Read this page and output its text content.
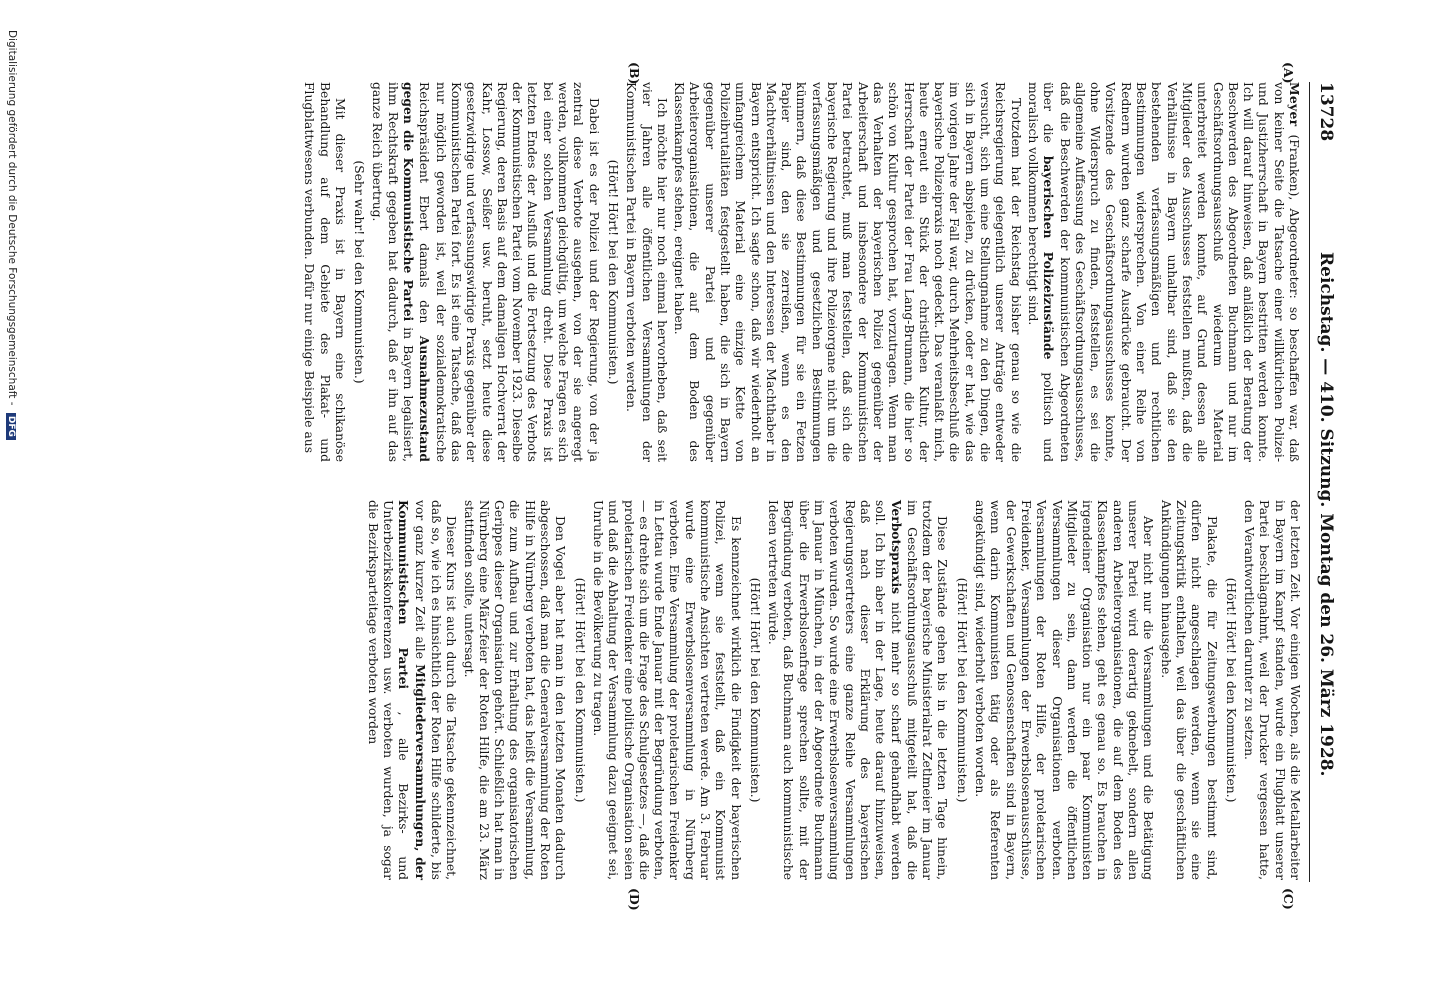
13728
Reichstag. — 410. Sitzung. Montag den 26. März 1928.
(A)
(B)
(C)
(D)

Meyer (Franken), Abgeordneter: so beschaffen war, daß von keiner Seite die Tatsache einer willkürlichen Polizei- und Justizherrschaft in Bayern bestritten werden konnte. Ich will darauf hinweisen, daß anläßlich der Beratung der Beschwerden des Abgeordneten Buchmann und nur im Geschäftsordnungsausschuß wiederum Material unterbreitet werden konnte, auf Grund dessen alle Mitglieder des Ausschusses feststellen mußten, daß die Verhältnisse in Bayern unhaltbar sind, daß sie den bestehenden verfassungsmäßigen und rechtlichen Bestimmungen widersprechen. Von einer Reihe von Rednern wurden ganz scharfe Ausdrücke gebraucht. Der Vorsitzende des Geschäftsordnungsausschusses konnte, ohne Widerspruch zu finden, feststellen, es sei die allgemeine Auffassung des Geschäftsordnungsausschusses, daß die Beschwerden der kommunistischen Abgeordneten über die bayerischen Polizeizustände politisch und moralisch vollkommen berechtigt sind.

Trotzdem hat der Reichstag bisher genau so wie die Reichsregierung gelegentlich unserer Anträge entweder versucht, sich um eine Stellungnahme zu den Dingen, die sich in Bayern abspielen, zu drücken, oder er hat, wie das im vorigen Jahre der Fall war, durch Mehrheitsbeschluß die bayerische Polizeipraxis noch gedeckt. Das veranlaßt mich, heute erneut ein Stück der christlichen Kultur, der Herrschaft der Partei der Frau Lang-Brumann, die hier so schön von Kultur gesprochen hat, vorzutragen. Wenn man das Verhalten der bayerischen Polizei gegenüber der Arbeiterschaft und insbesondere der Kommunistischen Partei betrachtet, muß man feststellen, daß sich die bayerische Regierung und ihre Polizeiorgane nicht um die verfassungsmäßigen und gesetzlichen Bestimmungen kümmern, daß diese Bestimmungen für sie ein Fetzen Papier sind, den sie zerreißen, wenn es den Machtverhältnissen und den Interessen der Machthaber in Bayern entspricht. Ich sagte schon, daß wir wiederholt an umfangreichem Material eine einzige Kette von Polizeibrutalitäten festgestellt haben, die sich in Bayern gegenüber unserer Partei und gegenüber Arbeiterorganisationen, die auf dem Boden des Klassenkampfes stehen, ereignet haben.

Ich möchte hier nur noch einmal hervorheben, daß seit vier Jahren alle öffentlichen Versammlungen der Kommunistischen Partei in Bayern verboten werden.

(Hört! Hört! bei den Kommunisten.)

Dabei ist es der Polizei und der Regierung, von der ja zentral diese Verbote ausgehen, von der sie angeregt werden, vollkommen gleichgültig, um welche Fragen es sich bei einer solchen Versammlung dreht. Diese Praxis ist letzten Endes der Ausfluß und die Fortsetzung des Verbots der Kommunistischen Partei vom November 1923. Dieselbe Regierung, deren Basis auf dem damaligen Hochverrat der Kahr, Lossow, Seißer usw. beruht, setzt heute diese gesetzwidrige und verfassungswidrige Praxis gegenüber der Kommunistischen Partei fort. Es ist eine Tatsache, daß das nur möglich geworden ist, weil der sozialdemokratische Reichspräsident Ebert damals den Ausnahmezustand gegen die Kommunistische Partei in Bayern legalisiert, ihm Rechtskraft gegeben hat dadurch, daß er ihn auf das ganze Reich übertrug.

(Sehr wahr! bei den Kommunisten.)

Mit dieser Praxis ist in Bayern eine schikanöse Behandlung auf dem Gebiete des Plakat- und Flugblattwesens verbunden. Dafür nur einige Beispiele aus

der letzten Zeit. Vor einigen Wochen, als die Metallarbeiter in Bayern im Kampf standen, wurde ein Flugblatt unserer Partei beschlagnahmt, weil der Drucker vergessen hatte, den Verantwortlichen darunter zu setzen.

(Hört! Hört! bei den Kommunisten.)

Plakate, die für Zeitungswerbungen bestimmt sind, dürfen nicht angeschlagen werden, wenn sie eine Zeitungskritik enthalten, weil das über die geschäftlichen Ankündigungen hinausgehe.

Aber nicht nur die Versammlungen und die Betätigung unserer Partei wird derartig geknebelt, sondern allen anderen Arbeiterorganisationen, die auf dem Boden des Klassenkampfes stehen, geht es genau so. Es brauchen in irgendeiner Organisation nur ein paar Kommunisten Mitglieder zu sein, dann werden die öffentlichen Versammlungen dieser Organisationen verboten. Versammlungen der Roten Hilfe, der proletarischen Freidenker, Versammlungen der Erwerbslosenausschüsse, der Gewerkschaften und Genossenschaften sind in Bayern, wenn darin Kommunisten tätig oder als Referenten angekündigt sind, wiederholt verboten worden.

(Hört! Hört! bei den Kommunisten.)

Diese Zustände gehen bis in die letzten Tage hinein, trotzdem der bayerische Ministerialrat Zetlmeier im Januar im Geschäftsordnungsausschuß mitgeteilt hat, daß die Verbotspraxis nicht mehr so scharf gehandhabt werden soll. Ich bin aber in der Lage, heute darauf hinzuweisen, daß nach dieser Erklärung des bayerischen Regierungsvertreters eine ganze Reihe Versammlungen verboten wurden. So wurde eine Erwerbslosenversammlung im Januar in München, in der der Abgeordnete Buchmann über die Erwerbslosenfrage sprechen sollte, mit der Begründung verboten, daß Buchmann auch kommunistische Ideen vertreten würde.

(Hört! Hört! bei den Kommunisten.)

Es kennzeichnet wirklich die Findigkeit der bayerischen Polizei, wenn sie feststellt, daß ein Kommunist kommunistische Ansichten vertreten werde. Am 3. Februar wurde eine Erwerbslosenversammlung in Nürnberg verboten. Eine Versammlung der proletarischen Freidenker in Lettau wurde Ende Januar mit der Begründung verboten, — es drehte sich um die Frage des Schulgesetzes —, daß die proletarischen Freidenker eine politische Organisation seien und daß die Abhaltung der Versammlung dazu geeignet sei, Unruhe in die Bevölkerung zu tragen.

(Hört! Hört! bei den Kommunisten.)

Den Vogel aber hat man in den letzten Monaten dadurch abgeschossen, daß man die Generalversammlung der Roten Hilfe in Nürnberg verboten hat, das heißt die Versammlung, die zum Aufbau und zur Erhaltung des organisatorischen Gerippes dieser Organisation gehört. Schließlich hat man in Nürnberg eine März-feier der Roten Hilfe, die am 23. März stattfinden sollte, untersagt.

Dieser Kurs ist auch durch die Tatsache gekennzeichnet, daß so, wie ich es hinsichtlich der Roten Hilfe schilderte, bis vor ganz kurzer Zeit alle Mitgliederversammlungen, der Kommunistischen Partei , alle Bezirks- und Unterbezirkskonferenzen usw. verboten wurden, ja sogar die Bezirksparteitage verboten worden

Digitalisierung gefördert durch die Deutsche Forschungsgemeinschaft - DFG
